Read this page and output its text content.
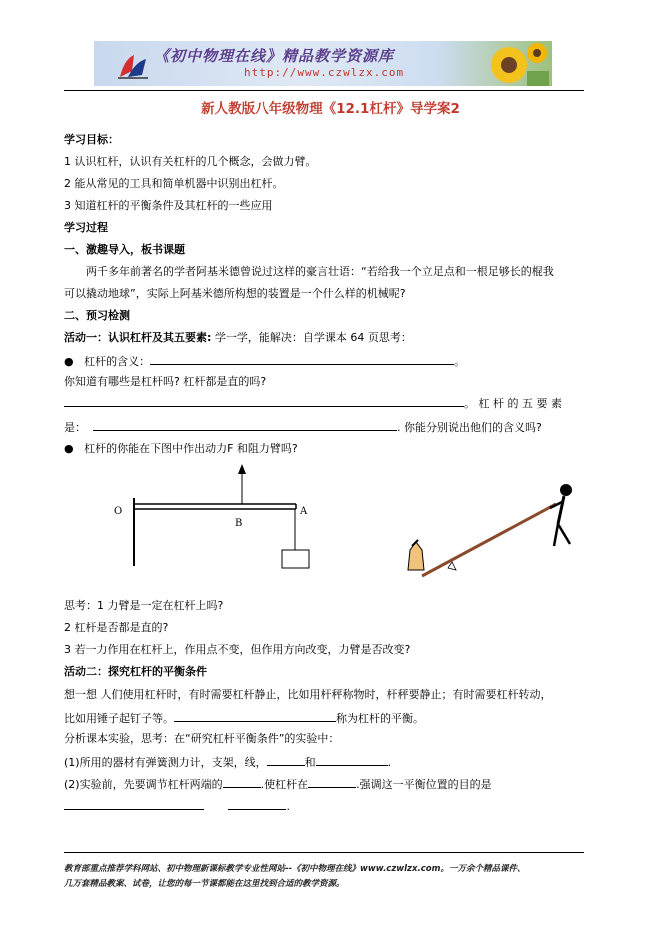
《初中物理在线》精品教学资源库
http://www.czwlzx.com
新人教版八年级物理《12.1杠杆》导学案2
学习目标：
1 认识杠杆，认识有关杠杆的几个概念，会做力臂。
2 能从常见的工具和简单机器中识别出杠杆。
3 知道杠杆的平衡条件及其杠杆的一些应用
学习过程
一、激趣导入，板书课题
两千多年前著名的学者阿基米德曾说过这样的豪言壮语：“若给我一个立足点和一根足够长的棍我
可以撬动地球”，实际上阿基米德所构想的装置是一个什么样的机械呢?
二、预习检测
活动一：认识杠杆及其五要素: 学一学，能解决：自学课本 64 页思考：
● 杠杆的含义：	。
你知道有哪些是杠杆吗? 杠杆都是直的吗?
。 杠 杆 的 五 要 素
是：	. 你能分别说出他们的含义吗?
● 杠杆的你能在下图中作出动力F 和阻力臂吗?
O
B
A
思考：1 力臂是一定在杠杆上吗?
2 杠杆是否都是直的?
3 若一力作用在杠杆上，作用点不变，但作用方向改变，力臂是否改变?
活动二：探究杠杆的平衡条件
想一想 人们使用杠杆时，有时需要杠杆静止，比如用杆秤称物时，杆秤要静止；有时需要杠杆转动，
比如用锤子起钉子等。	称为杠杆的平衡。
分析课本实验，思考：在“研究杠杆平衡条件”的实验中：
(1)所用的器材有弹簧测力计，支架，线，	和	.
(2)实验前，先要调节杠杆两端的	.使杠杆在	.强调这一平衡位置的目的是
.
教育部重点推荐学科网站、初中物理新课标教学专业性网站--《初中物理在线》www.czwlzx.com。一万余个精品课件、
几万套精品教案、试卷，让您的每一节课都能在这里找到合适的教学资源。
